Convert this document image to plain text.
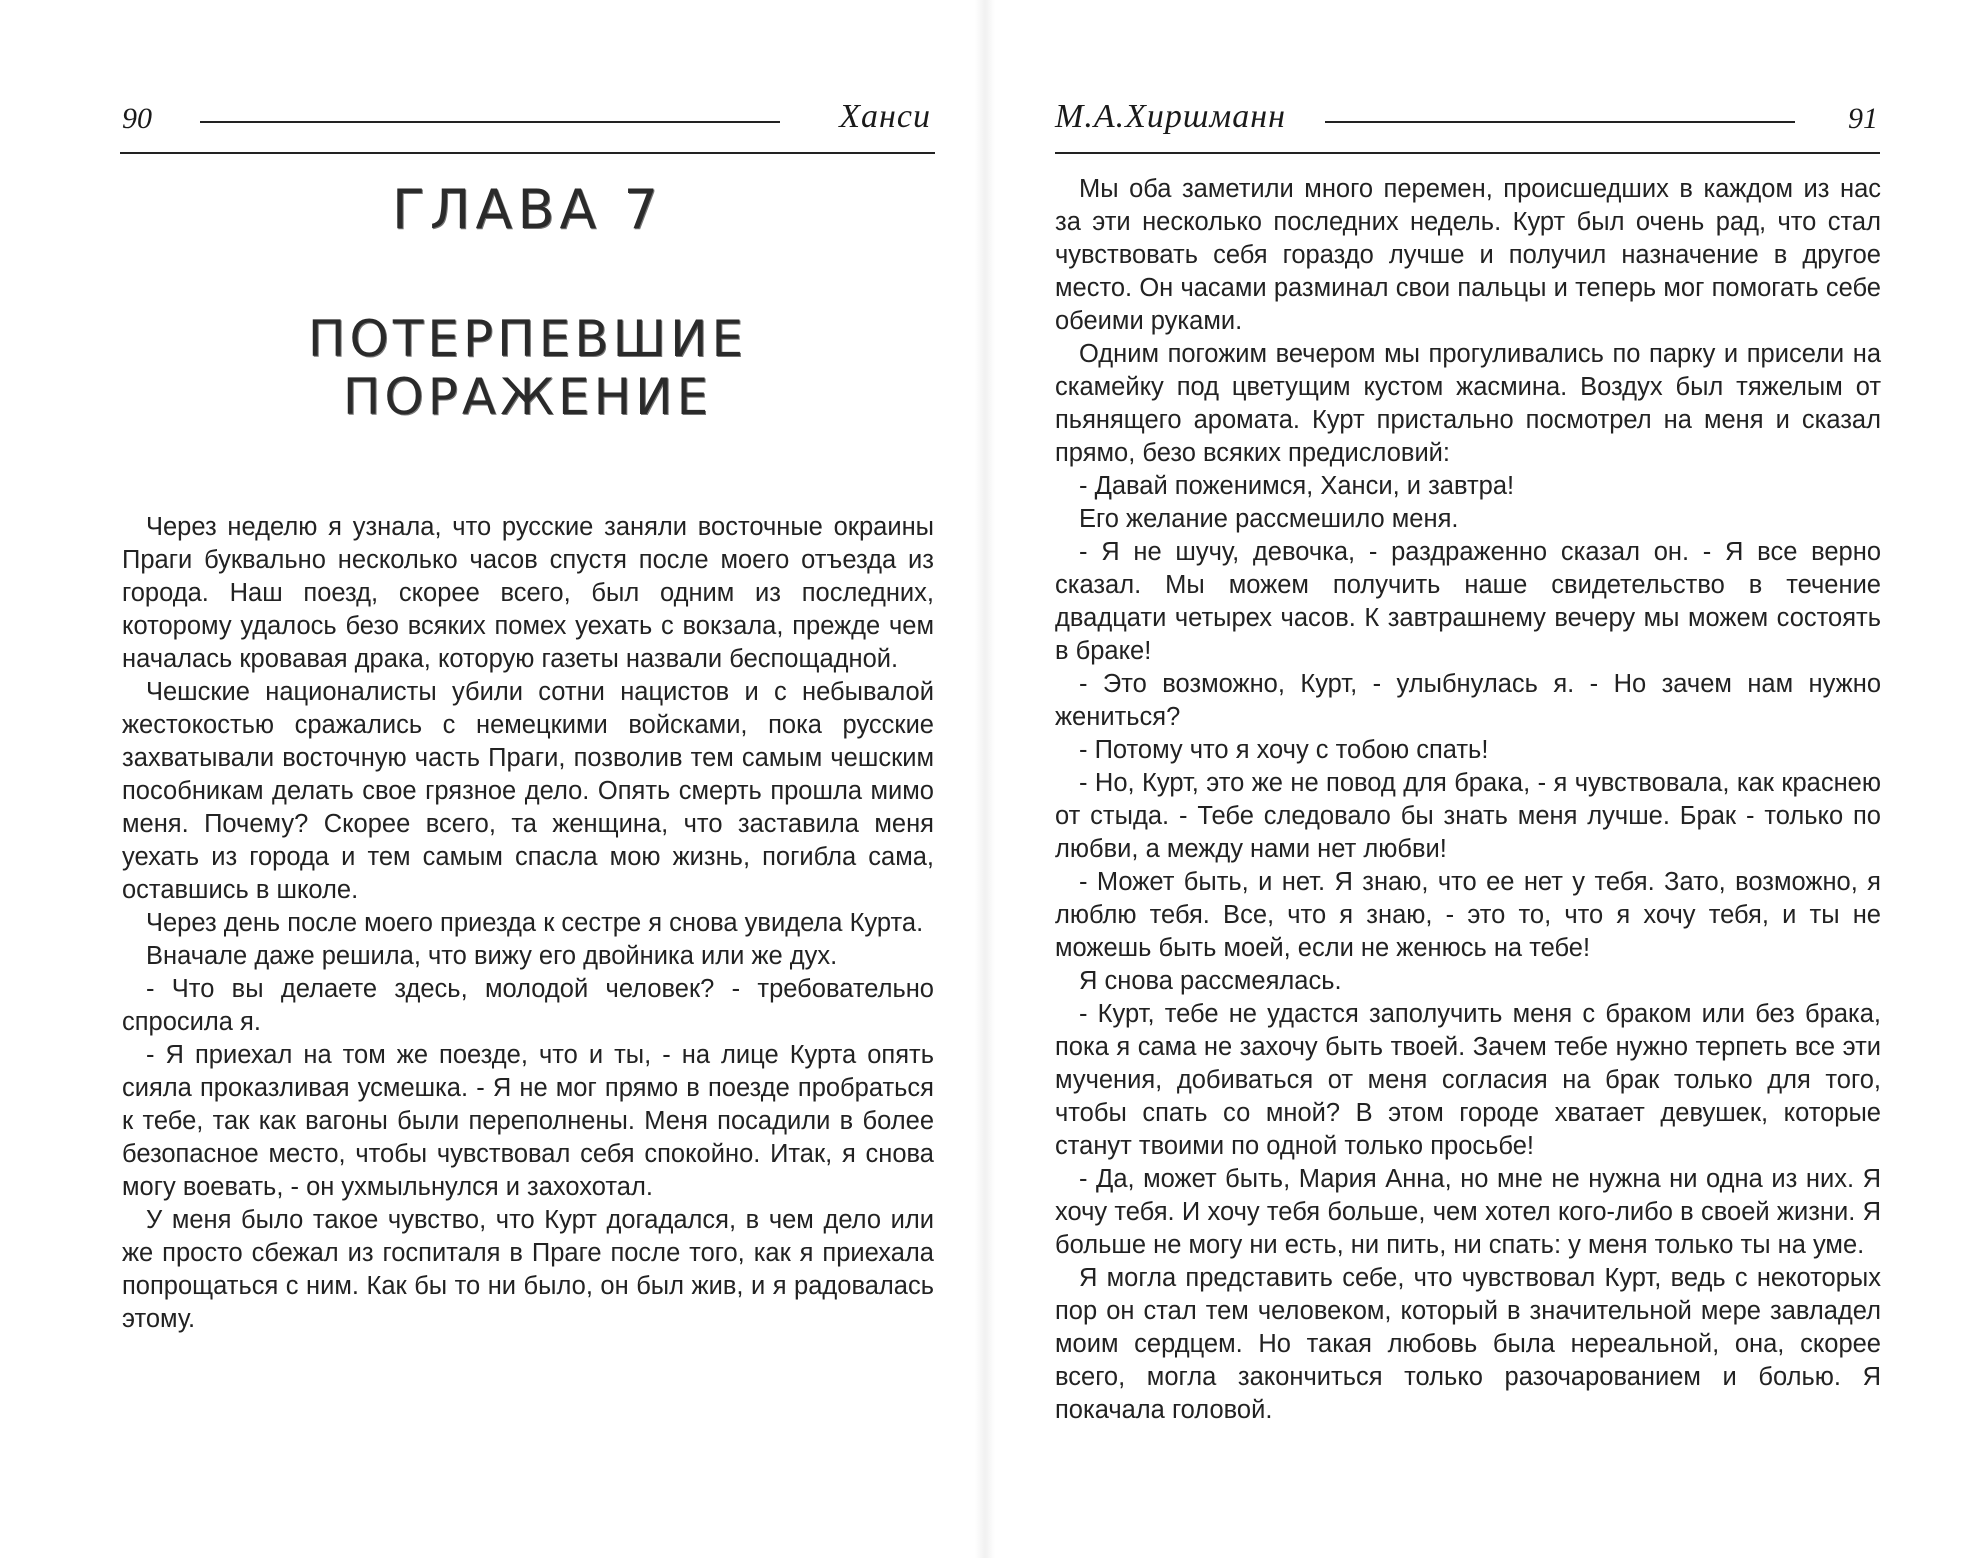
90	Ханси
ГЛАВА 7
ПОТЕРПЕВШИЕ ПОРАЖЕНИЕ

Через неделю я узнала, что русские заняли восточные окраины Праги буквально несколько часов спустя после моего отъезда из города. Наш поезд, скорее всего, был одним из последних, которому удалось безо всяких помех уехать с вокзала, прежде чем началась кровавая драка, которую газеты назвали беспощадной.

Чешские националисты убили сотни нацистов и с небывалой жестокостью сражались с немецкими войсками, пока русские захватывали восточную часть Праги, позволив тем самым чешским пособникам делать свое грязное дело. Опять смерть прошла мимо меня. Почему? Скорее всего, та женщина, что заставила меня уехать из города и тем самым спасла мою жизнь, погибла сама, оставшись в школе.

Через день после моего приезда к сестре я снова увидела Курта.

Вначале даже решила, что вижу его двойника или же дух.

- Что вы делаете здесь, молодой человек? - требовательно спросила я.

- Я приехал на том же поезде, что и ты, - на лице Курта опять сияла проказливая усмешка. - Я не мог прямо в поезде пробраться к тебе, так как вагоны были переполнены. Меня посадили в более безопасное место, чтобы чувствовал себя спокойно. Итак, я снова могу воевать, - он ухмыльнулся и захохотал.

У меня было такое чувство, что Курт догадался, в чем дело или же просто сбежал из госпиталя в Праге после того, как я приехала попрощаться с ним. Как бы то ни было, он был жив, и я радовалась этому.

М.А.Хиршманн	91

Мы оба заметили много перемен, происшедших в каждом из нас за эти несколько последних недель. Курт был очень рад, что стал чувствовать себя гораздо лучше и получил назначение в другое место. Он часами разминал свои пальцы и теперь мог помогать себе обеими руками.

Одним погожим вечером мы прогуливались по парку и присели на скамейку под цветущим кустом жасмина. Воздух был тяжелым от пьянящего аромата. Курт пристально посмотрел на меня и сказал прямо, безо всяких предисловий:

- Давай поженимся, Ханси, и завтра!

Его желание рассмешило меня.

- Я не шучу, девочка, - раздраженно сказал он. - Я все верно сказал. Мы можем получить наше свидетельство в течение двадцати четырех часов. К завтрашнему вечеру мы можем состоять в браке!

- Это возможно, Курт, - улыбнулась я. - Но зачем нам нужно жениться?

- Потому что я хочу с тобою спать!

- Но, Курт, это же не повод для брака, - я чувствовала, как краснею от стыда. - Тебе следовало бы знать меня лучше. Брак - только по любви, а между нами нет любви!

- Может быть, и нет. Я знаю, что ее нет у тебя. Зато, возможно, я люблю тебя. Все, что я знаю, - это то, что я хочу тебя, и ты не можешь быть моей, если не женюсь на тебе!

Я снова рассмеялась.

- Курт, тебе не удастся заполучить меня с браком или без брака, пока я сама не захочу быть твоей. Зачем тебе нужно терпеть все эти мучения, добиваться от меня согласия на брак только для того, чтобы спать со мной? В этом городе хватает девушек, которые станут твоими по одной только просьбе!

- Да, может быть, Мария Анна, но мне не нужна ни одна из них. Я хочу тебя. И хочу тебя больше, чем хотел кого-либо в своей жизни. Я больше не могу ни есть, ни пить, ни спать: у меня только ты на уме.

Я могла представить себе, что чувствовал Курт, ведь с некоторых пор он стал тем человеком, который в значительной мере завладел моим сердцем. Но такая любовь была нереальной, она, скорее всего, могла закончиться только разочарованием и болью. Я покачала головой.
